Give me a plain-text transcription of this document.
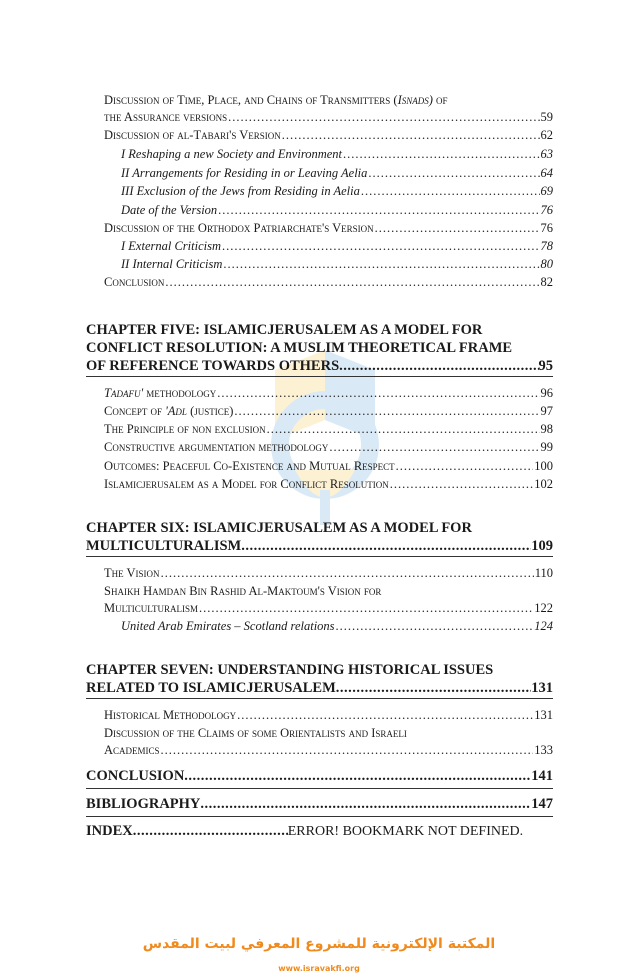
Discussion of Time, Place, and Chains of Transmitters (Isnads) of
the Assurance versions .....	59
Discussion of al-Tabari's Version .....	62
I Reshaping a new Society and Environment .....	63
II Arrangements for Residing in or Leaving Aelia .....	64
III Exclusion of the Jews from Residing in Aelia .....	69
Date of the Version .....	76
Discussion of the Orthodox Patriarchate's Version .....	76
I External Criticism .....	78
II Internal Criticism .....	80
Conclusion .....	82
CHAPTER FIVE: ISLAMICJERUSALEM AS A MODEL FOR
CONFLICT RESOLUTION: A MUSLIM THEORETICAL FRAME
OF REFERENCE TOWARDS OTHERS .....	95
Tadafu' methodology .....	96
Concept of 'Adl (justice) .....	97
The Principle of non exclusion .....	98
Constructive argumentation methodology .....	99
Outcomes: Peaceful Co-Existence and Mutual Respect .....	100
Islamicjerusalem as a Model for Conflict Resolution .....	102
CHAPTER SIX: ISLAMICJERUSALEM AS A MODEL FOR
MULTICULTURALISM .....	109
The Vision .....	110
Shaikh Hamdan Bin Rashid Al-Maktoum's Vision for
Multiculturalism .....	122
United Arab Emirates – Scotland relations .....	124
CHAPTER SEVEN: UNDERSTANDING HISTORICAL ISSUES
RELATED TO ISLAMICJERUSALEM .....	131
Historical Methodology .....	131
Discussion of the Claims of some Orientalists and Israeli
Academics .....	133
CONCLUSION .....	141
BIBLIOGRAPHY .....	147
INDEX .....	ERROR! BOOKMARK NOT DEFINED.
المكتبة الإلكترونية للمشروع المعرفي لبيت المقدس
www.isravakfi.org
